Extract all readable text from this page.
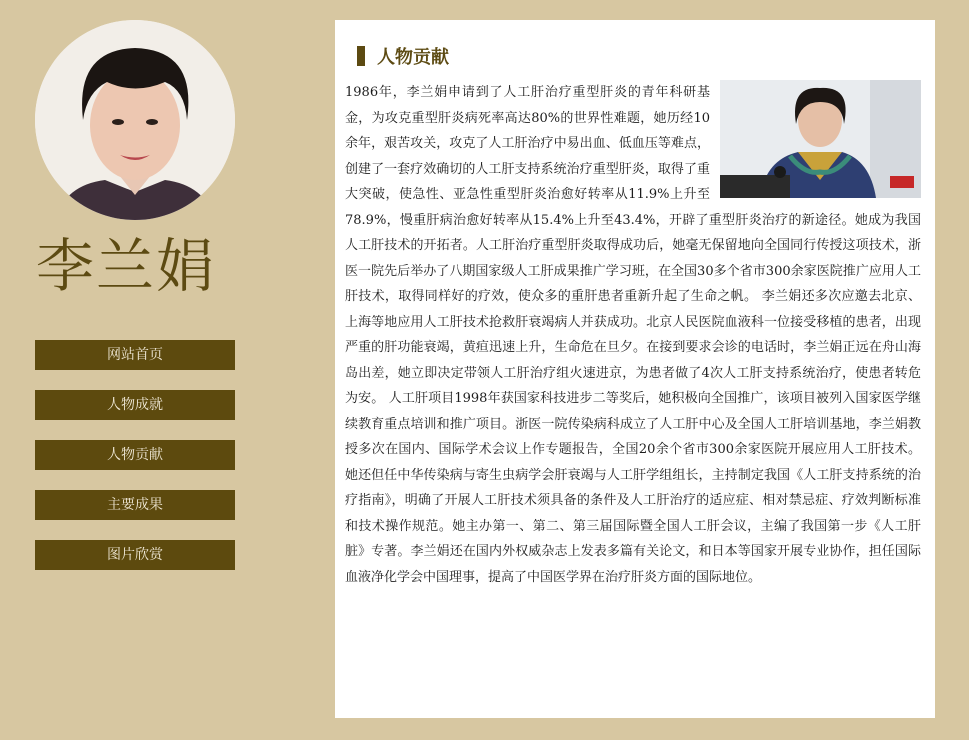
李兰娟
网站首页
人物成就
人物贡献
主要成果
图片欣赏
人物贡献

1986年，李兰娟申请到了人工肝治疗重型肝炎的青年科研基金，为攻克重型肝炎病死率高达80%的世界性难题，她历经10余年，艰苦攻关，攻克了人工肝治疗中易出血、低血压等难点，创建了一套疗效确切的人工肝支持系统治疗重型肝炎，取得了重大突破，使急性、亚急性重型肝炎治愈好转率从11.9%上升至78.9%，慢重肝病治愈好转率从15.4%上升至43.4%，开辟了重型肝炎治疗的新途径。她成为我国人工肝技术的开拓者。人工肝治疗重型肝炎取得成功后，她毫无保留地向全国同行传授这项技术，浙医一院先后举办了八期国家级人工肝成果推广学习班，在全国30多个省市300余家医院推广应用人工肝技术，取得同样好的疗效，使众多的重肝患者重新升起了生命之帆。 李兰娟还多次应邀去北京、上海等地应用人工肝技术抢救肝衰竭病人并获成功。北京人民医院血液科一位接受移植的患者，出现严重的肝功能衰竭，黄疸迅速上升，生命危在旦夕。在接到要求会诊的电话时，李兰娟正远在舟山海岛出差，她立即决定带领人工肝治疗组火速进京，为患者做了4次人工肝支持系统治疗，使患者转危为安。 人工肝项目1998年获国家科技进步二等奖后，她积极向全国推广，该项目被列入国家医学继续教育重点培训和推广项目。浙医一院传染病科成立了人工肝中心及全国人工肝培训基地，李兰娟教授多次在国内、国际学术会议上作专题报告，全国20余个省市300余家医院开展应用人工肝技术。 她还但任中华传染病与寄生虫病学会肝衰竭与人工肝学组组长，主持制定我国《人工肝支持系统的治疗指南》，明确了开展人工肝技术须具备的条件及人工肝治疗的适应症、相对禁忌症、疗效判断标准和技术操作规范。她主办第一、第二、第三届国际暨全国人工肝会议，主编了我国第一步《人工肝脏》专著。李兰娟还在国内外权威杂志上发表多篇有关论文，和日本等国家开展专业协作，担任国际血液净化学会中国理事，提高了中国医学界在治疗肝炎方面的国际地位。
